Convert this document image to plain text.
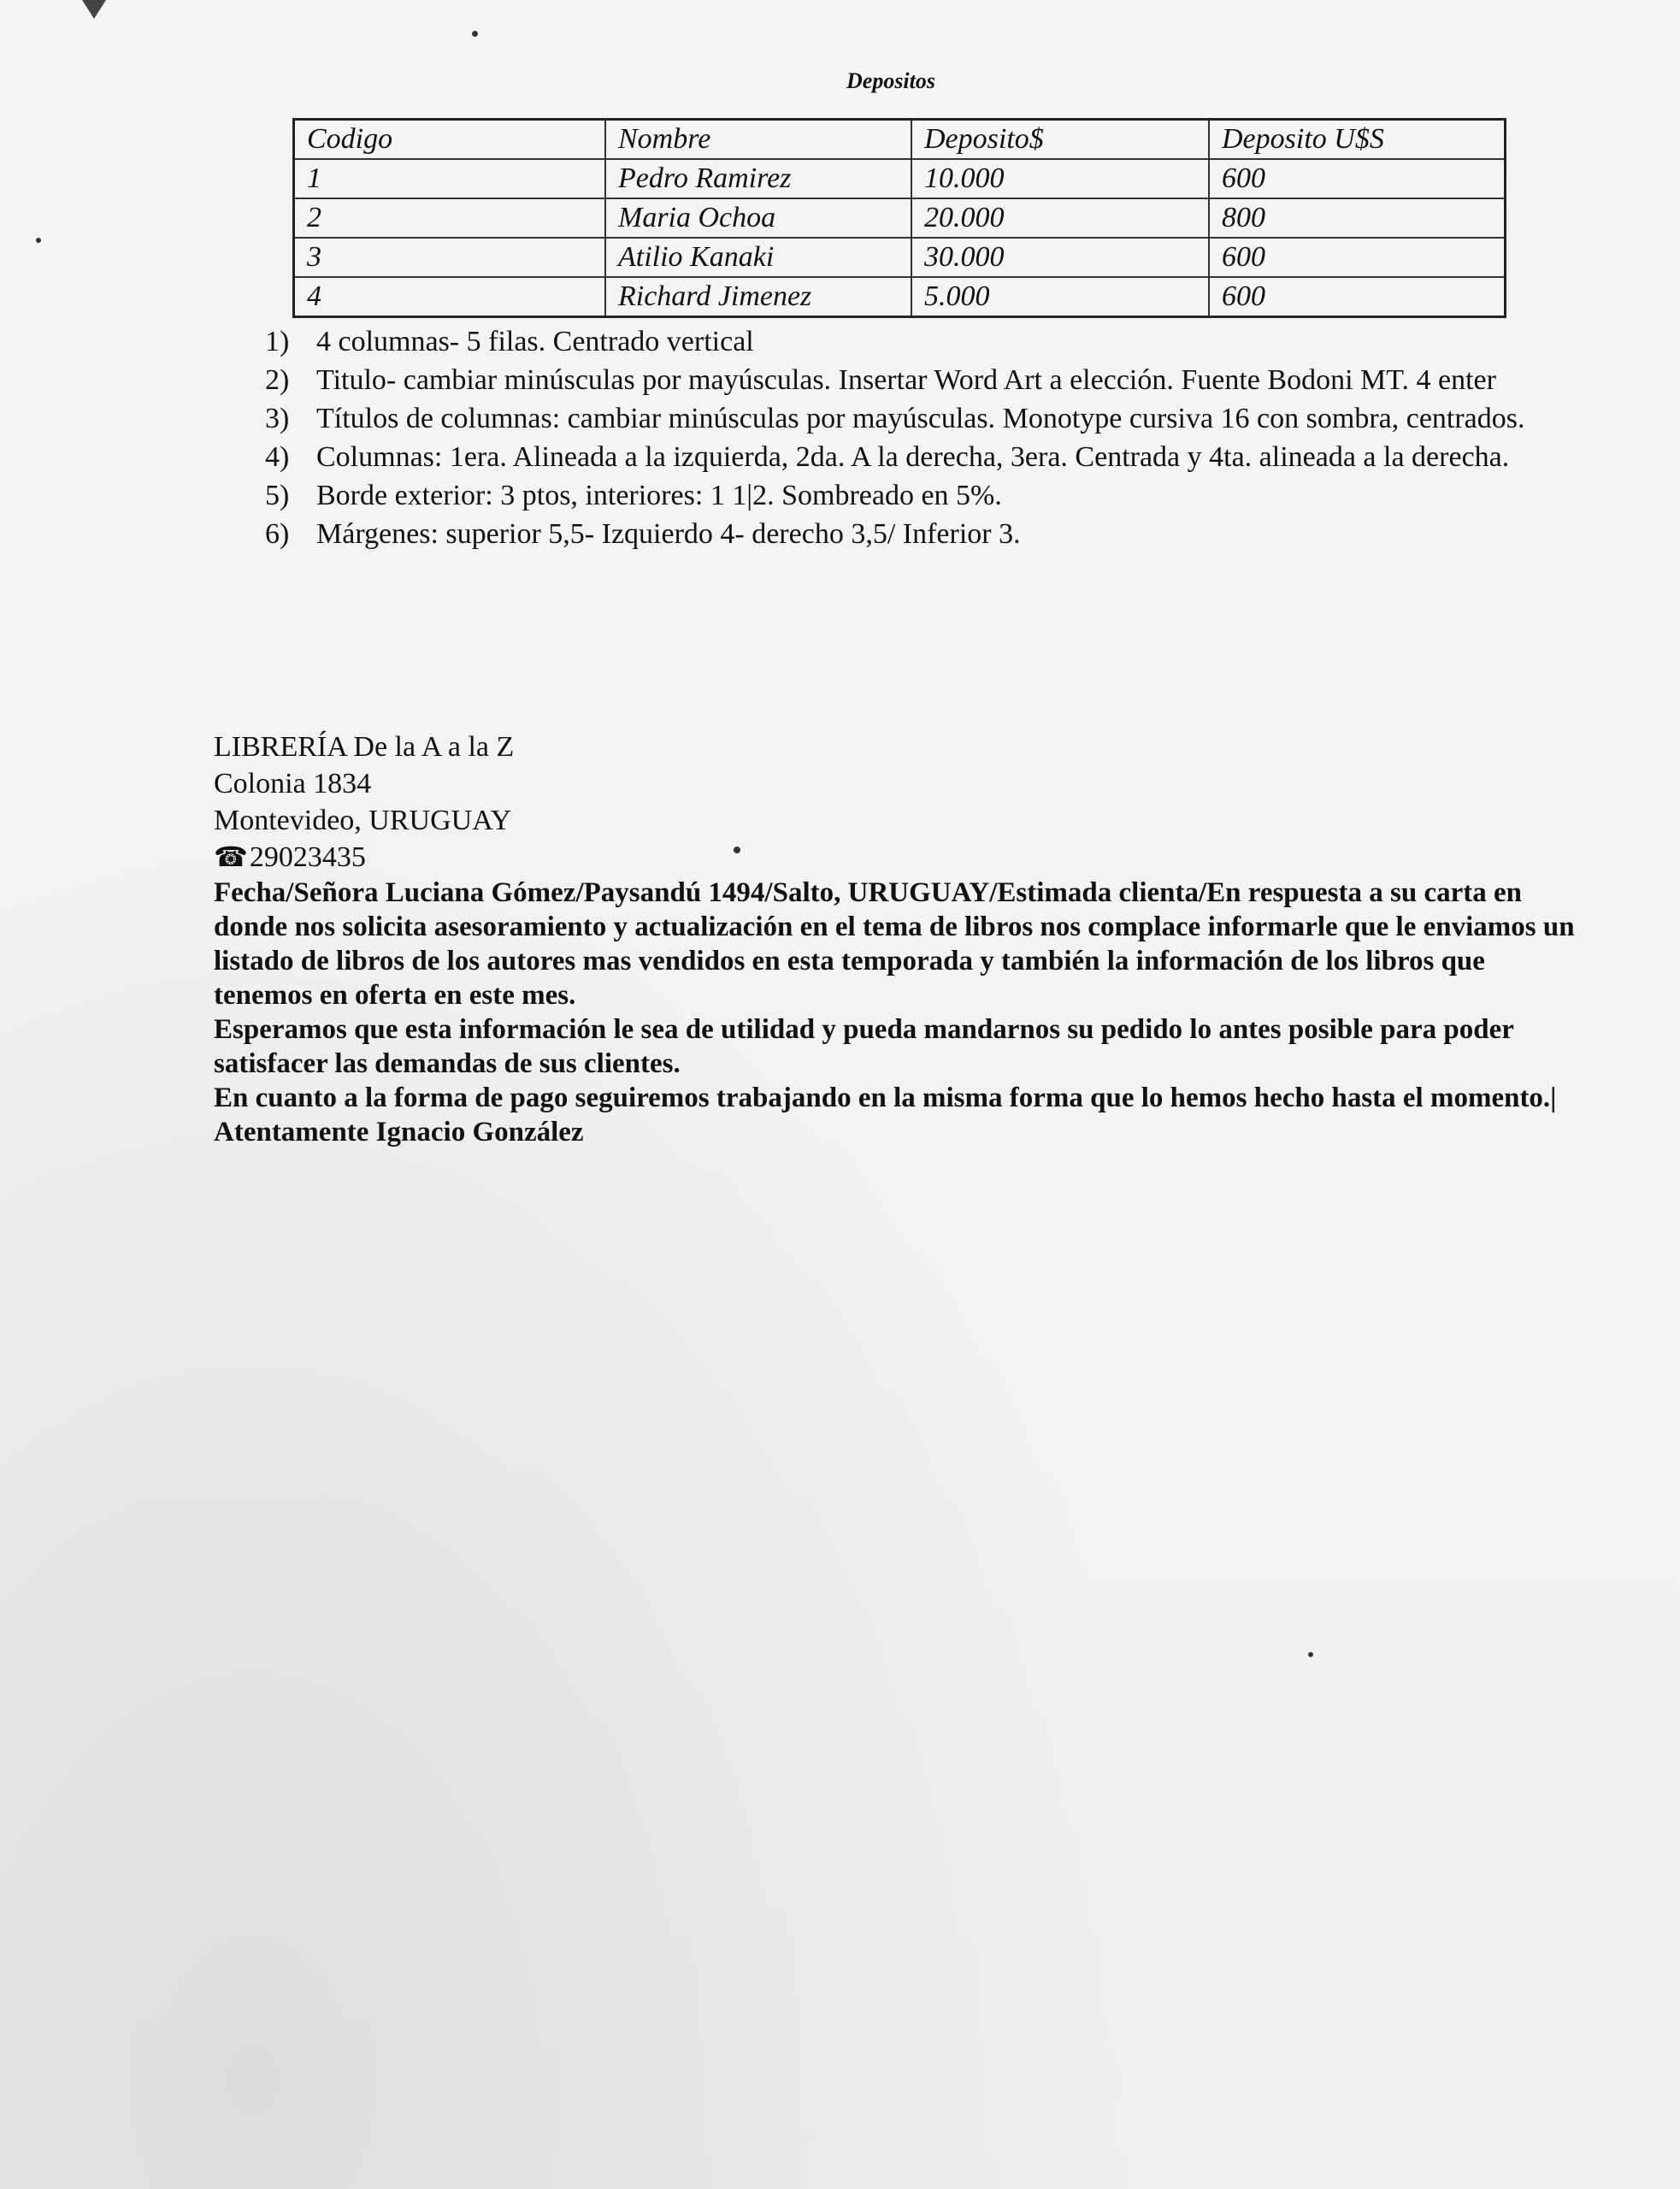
Depositos
Codigo	Nombre	Deposito$	Deposito U$S
1	Pedro Ramirez	10.000	600
2	Maria Ochoa	20.000	800
3	Atilio Kanaki	30.000	600
4	Richard Jimenez	5.000	600
1) 4 columnas- 5 filas. Centrado vertical
2) Titulo- cambiar minúsculas por mayúsculas. Insertar Word Art a elección. Fuente Bodoni MT. 4 enter
3) Títulos de columnas: cambiar minúsculas por mayúsculas. Monotype cursiva 16 con sombra, centrados.
4) Columnas: 1era. Alineada a la izquierda, 2da. A la derecha, 3era. Centrada y 4ta. alineada a la derecha.
5) Borde exterior: 3 ptos, interiores: 1 1|2. Sombreado en 5%.
6) Márgenes: superior 5,5- Izquierdo 4- derecho 3,5/ Inferior 3.
LIBRERÍA De la A a la Z
Colonia 1834
Montevideo, URUGUAY
☎29023435
Fecha/Señora Luciana Gómez/Paysandú 1494/Salto, URUGUAY/Estimada clienta/En respuesta a su carta en donde nos solicita asesoramiento y actualización en el tema de libros nos complace informarle que le enviamos un listado de libros de los autores mas vendidos en esta temporada y también la información de los libros que tenemos en oferta en este mes.
Esperamos que esta información le sea de utilidad y pueda mandarnos su pedido lo antes posible para poder satisfacer las demandas de sus clientes.
En cuanto a la forma de pago seguiremos trabajando en la misma forma que lo hemos hecho hasta el momento.| Atentamente Ignacio González
